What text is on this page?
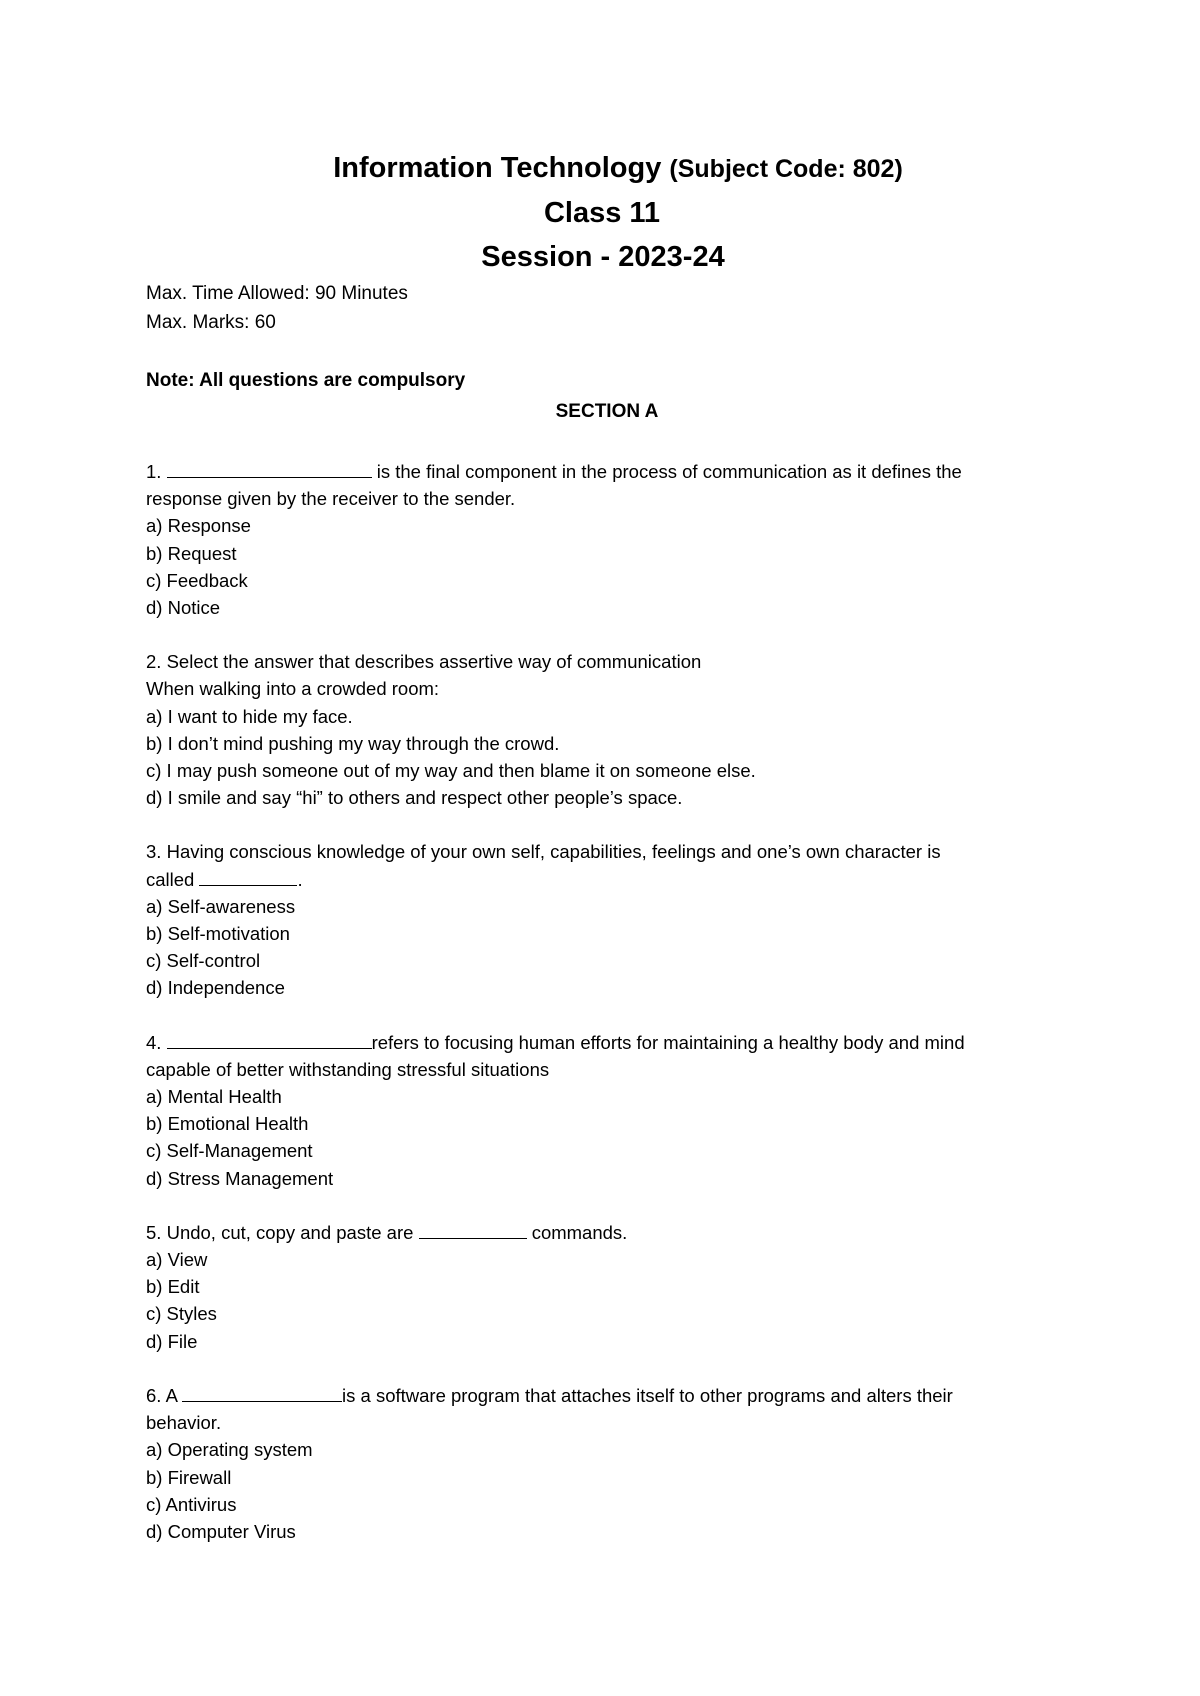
Information Technology (Subject Code: 802)
Class 11
Session - 2023-24
Max. Time Allowed: 90 Minutes
Max. Marks: 60
Note: All questions are compulsory
SECTION A
1.	is the final component in the process of communication as it defines the
response given by the receiver to the sender.
a) Response
b) Request
c) Feedback
d) Notice
2. Select the answer that describes assertive way of communication
When walking into a crowded room:
a) I want to hide my face.
b) I don’t mind pushing my way through the crowd.
c) I may push someone out of my way and then blame it on someone else.
d) I smile and say “hi” to others and respect other people’s space.
3. Having conscious knowledge of your own self, capabilities, feelings and one’s own character is
called	.
a) Self-awareness
b) Self-motivation
c) Self-control
d) Independence
4.	refers to focusing human efforts for maintaining a healthy body and mind
capable of better withstanding stressful situations
a) Mental Health
b) Emotional Health
c) Self-Management
d) Stress Management
5. Undo, cut, copy and paste are	commands.
a) View
b) Edit
c) Styles
d) File
6. A	is a software program that attaches itself to other programs and alters their
behavior.
a) Operating system
b) Firewall
c) Antivirus
d) Computer Virus
